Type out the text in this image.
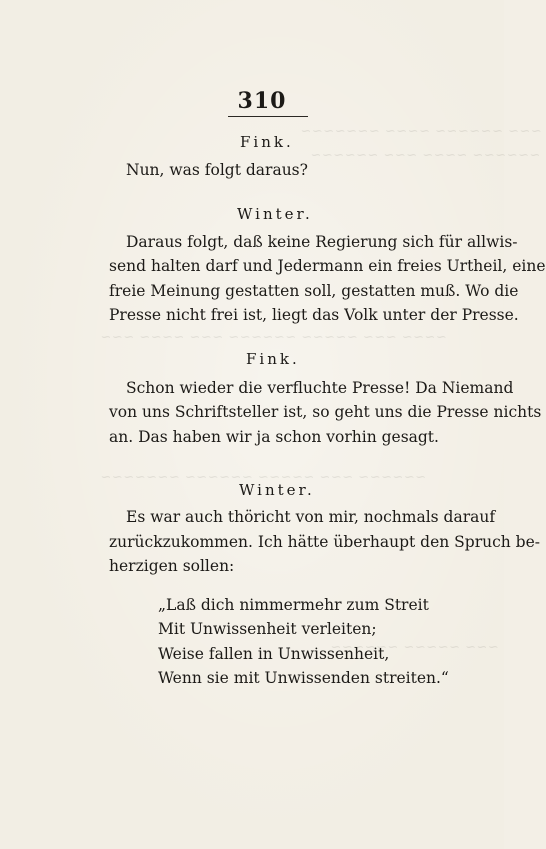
~~~ ~~~~~~ ~~~~ ~~~~~~~
~~~~~~ ~~~~ ~~~ ~~~~~~
~~~~ ~~~ ~~~~~ ~~~~~~ ~~~ ~~~~ ~~~
~~~~~~ ~~~ ~~~~~ ~~~~~~ ~~~~~~~
~~~ ~~~~~ ~~~~~~
310
Fink.
Nun, was folgt daraus?
Winter.
Daraus folgt, daß keine Regierung sich für allwis-
send halten darf und Jedermann ein freies Urtheil, eine
freie Meinung gestatten soll, gestatten muß. Wo die
Presse nicht frei ist, liegt das Volk unter der Presse.
Fink.
Schon wieder die verfluchte Presse! Da Niemand
von uns Schriftsteller ist, so geht uns die Presse nichts
an. Das haben wir ja schon vorhin gesagt.
Winter.
Es war auch thöricht von mir, nochmals darauf
zurückzukommen. Ich hätte überhaupt den Spruch be-
herzigen sollen:
„Laß dich nimmermehr zum Streit
Mit Unwissenheit verleiten;
Weise fallen in Unwissenheit,
Wenn sie mit Unwissenden streiten.“
